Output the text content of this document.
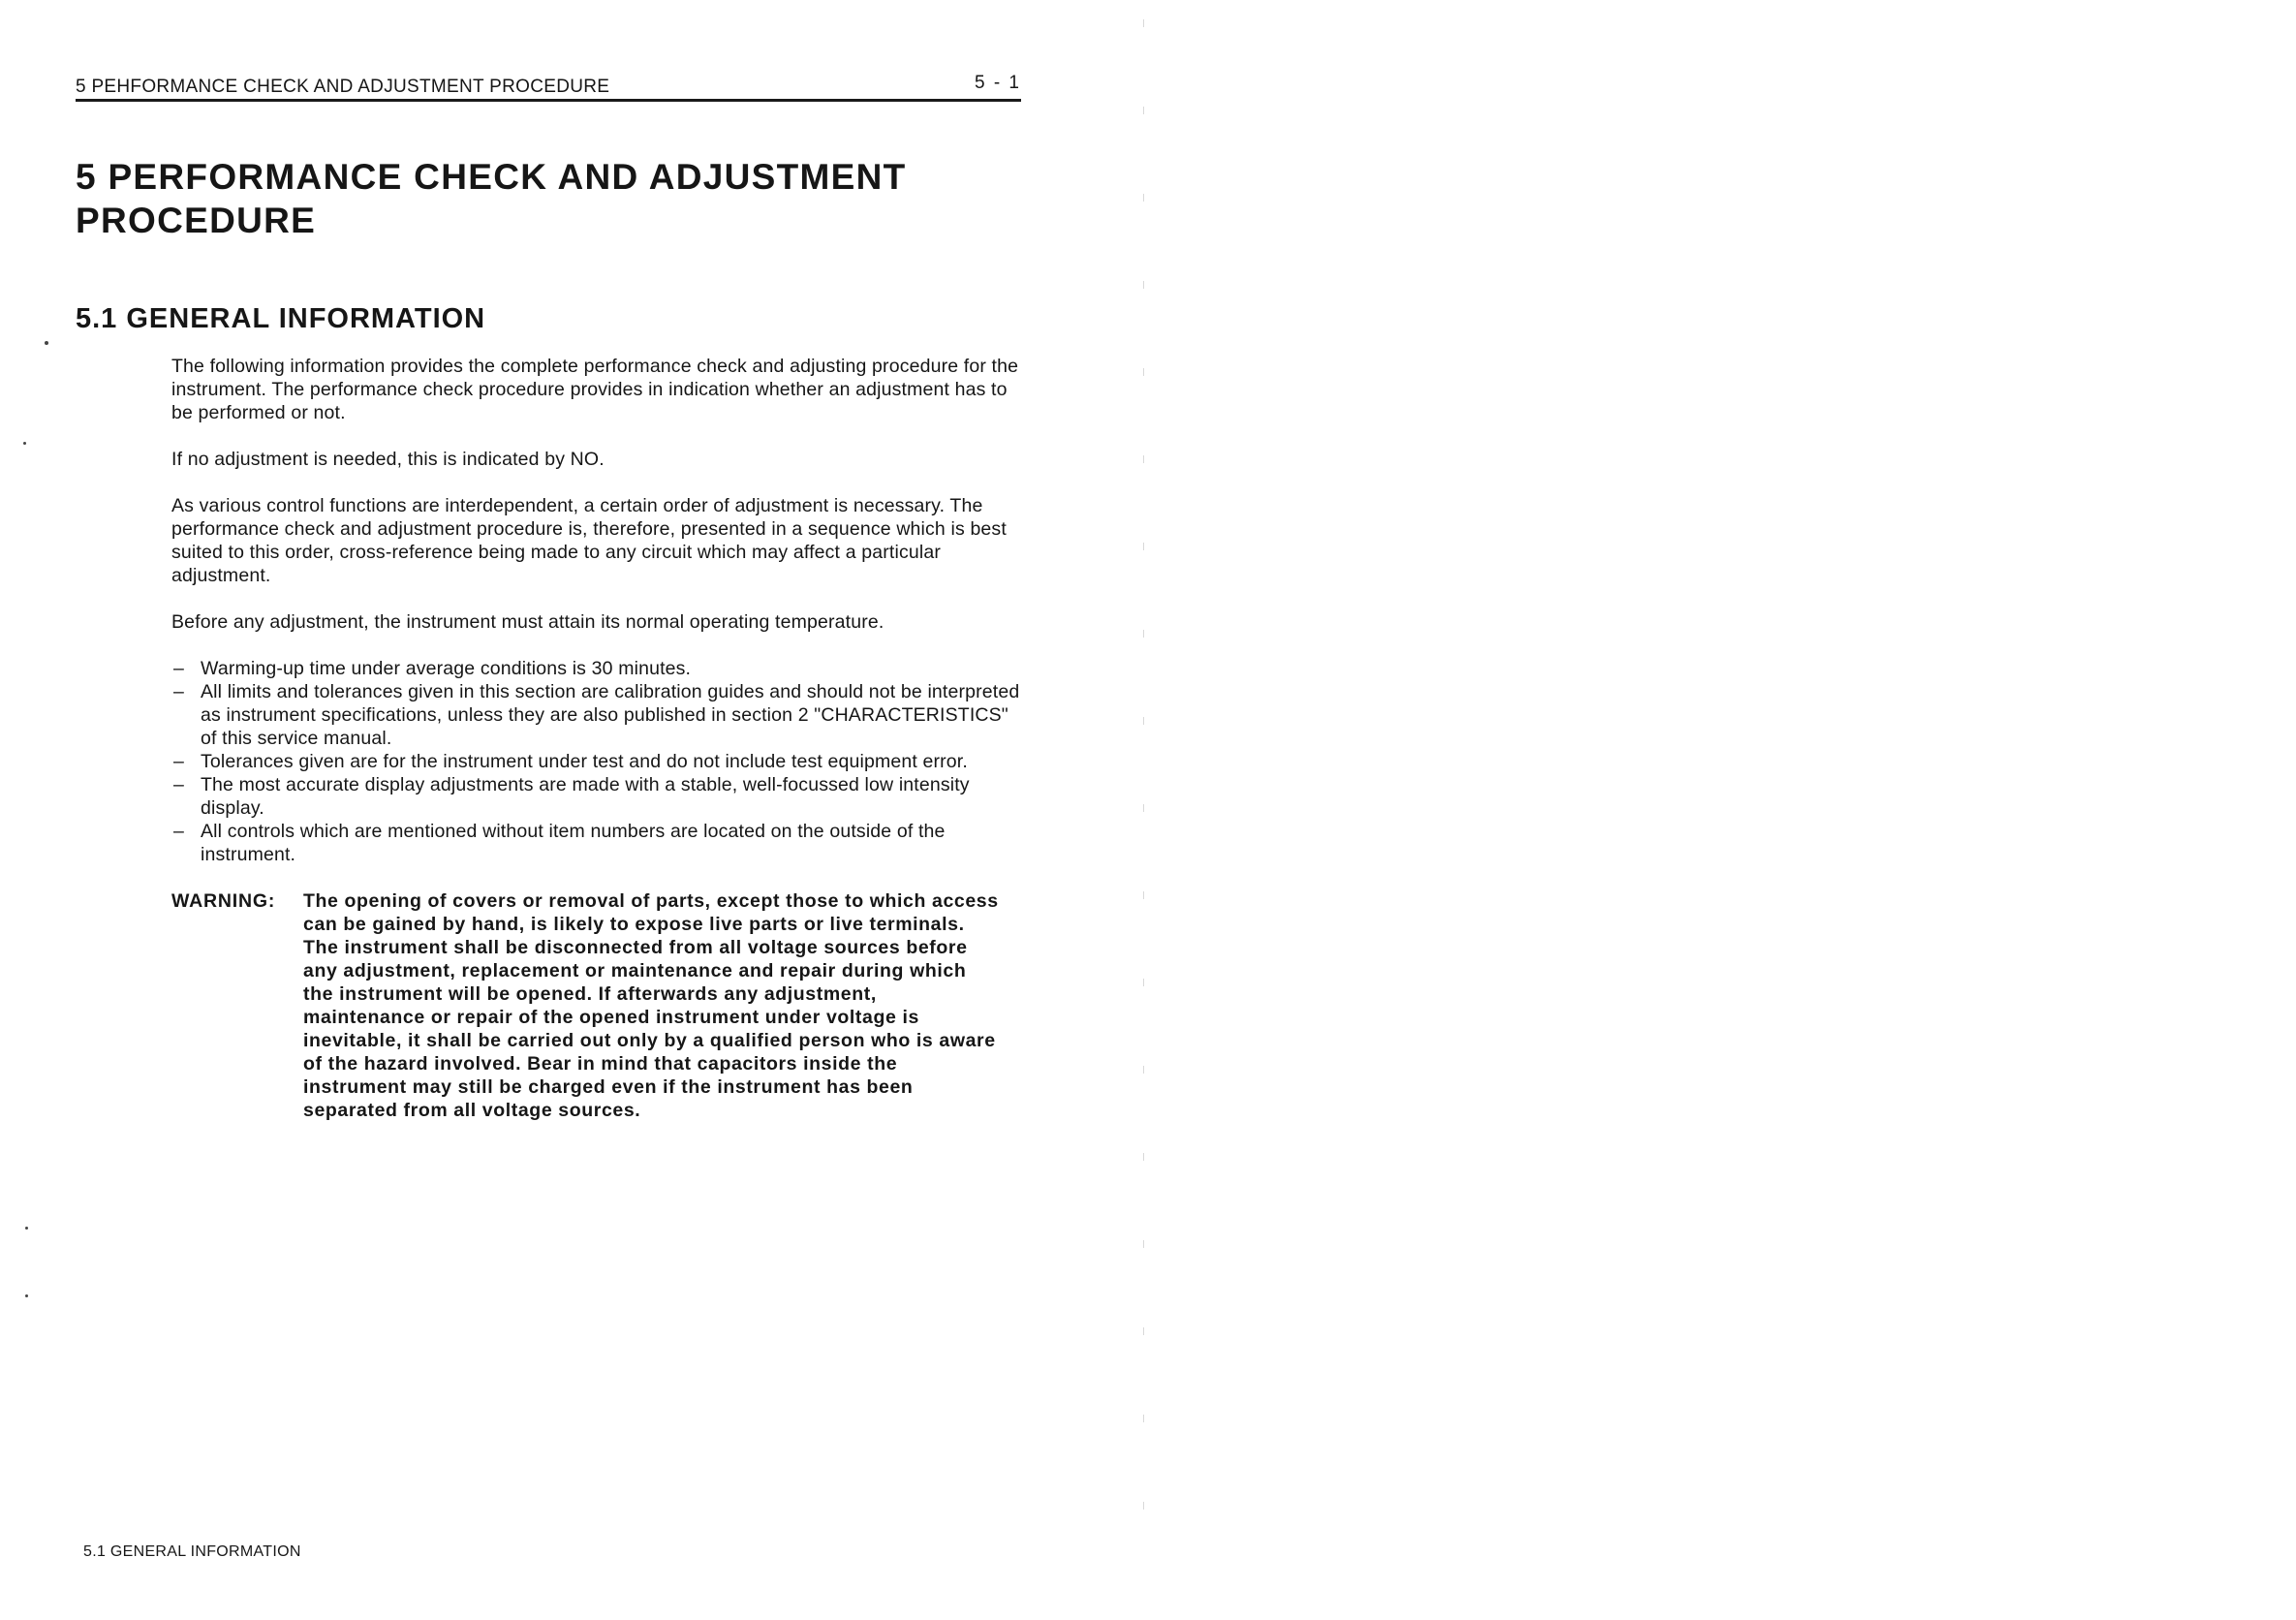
5 PEHFORMANCE CHECK AND ADJUSTMENT PROCEDURE	5 - 1
5 PERFORMANCE CHECK AND ADJUSTMENT
PROCEDURE
5.1 GENERAL INFORMATION

The following information provides the complete performance check and adjusting procedure for the instrument. The performance check procedure provides in indication whether an adjustment has to be performed or not.

If no adjustment is needed, this is indicated by NO.

As various control functions are interdependent, a certain order of adjustment is necessary. The performance check and adjustment procedure is, therefore, presented in a sequence which is best suited to this order, cross-reference being made to any circuit which may affect a particular adjustment.

Before any adjustment, the instrument must attain its normal operating temperature.

– Warming-up time under average conditions is 30 minutes.
– All limits and tolerances given in this section are calibration guides and should not be interpreted as instrument specifications, unless they are also published in section 2 "CHARACTERISTICS" of this service manual.
– Tolerances given are for the instrument under test and do not include test equipment error.
– The most accurate display adjustments are made with a stable, well-focussed low intensity display.
– All controls which are mentioned without item numbers are located on the outside of the instrument.
WARNING:	The opening of covers or removal of parts, except those to which access can be gained by hand, is likely to expose live parts or live terminals. The instrument shall be disconnected from all voltage sources before any adjustment, replacement or maintenance and repair during which the instrument will be opened. If afterwards any adjustment, maintenance or repair of the opened instrument under voltage is inevitable, it shall be carried out only by a qualified person who is aware of the hazard involved. Bear in mind that capacitors inside the instrument may still be charged even if the instrument has been separated from all voltage sources.
5.1 GENERAL INFORMATION
